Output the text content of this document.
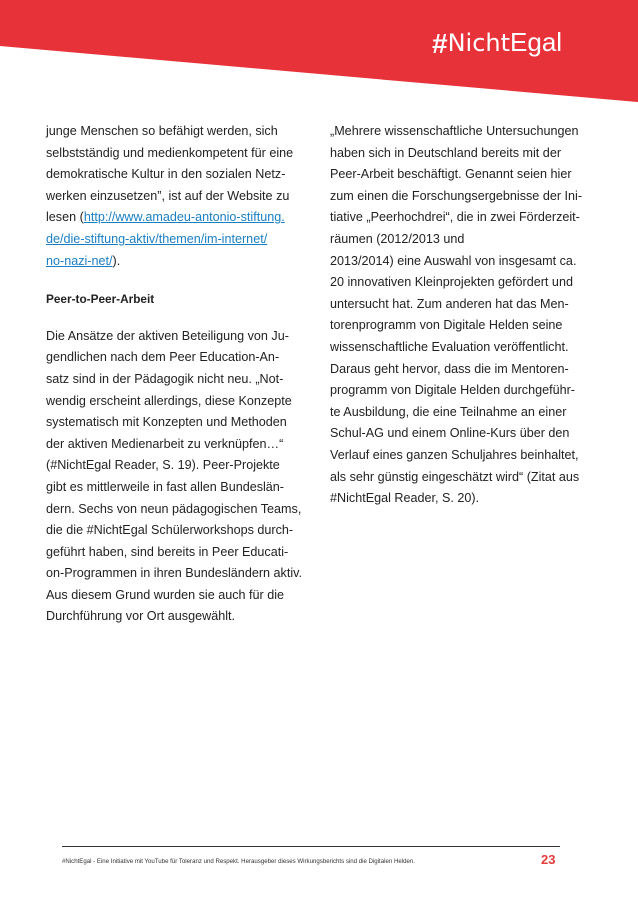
#NichtEgal
junge Menschen so befähigt werden, sich
selbstständig und medienkompetent für eine
demokratische Kultur in den sozialen Netz-
werken einzusetzen”, ist auf der Website zu
lesen (http://www.amadeu-antonio-stiftung.
de/die-stiftung-aktiv/themen/im-internet/
no-nazi-net/).
Peer-to-Peer-Arbeit
Die Ansätze der aktiven Beteiligung von Ju-
gendlichen nach dem Peer Education-An-
satz sind in der Pädagogik nicht neu. „Not-
wendig erscheint allerdings, diese Konzepte
systematisch mit Konzepten und Methoden
der aktiven Medienarbeit zu verknüpfen…“
(#NichtEgal Reader, S. 19). Peer-Projekte
gibt es mittlerweile in fast allen Bundeslän-
dern. Sechs von neun pädagogischen Teams,
die die #NichtEgal Schülerworkshops durch-
geführt haben, sind bereits in Peer Educati-
on-Programmen in ihren Bundesländern aktiv.
Aus diesem Grund wurden sie auch für die
Durchführung vor Ort ausgewählt.
„Mehrere wissenschaftliche Untersuchungen
haben sich in Deutschland bereits mit der
Peer-Arbeit beschäftigt. Genannt seien hier
zum einen die Forschungsergebnisse der Ini-
tiative „Peerhochdrei“, die in zwei Förderzeit-
räumen (2012/2013 und
2013/2014) eine Auswahl von insgesamt ca.
20 innovativen Kleinprojekten gefördert und
untersucht hat. Zum anderen hat das Men-
torenprogramm von Digitale Helden seine
wissenschaftliche Evaluation veröffentlicht.
Daraus geht hervor, dass die im Mentoren-
programm von Digitale Helden durchgeführ-
te Ausbildung, die eine Teilnahme an einer
Schul-AG und einem Online-Kurs über den
Verlauf eines ganzen Schuljahres beinhaltet,
als sehr günstig eingeschätzt wird“ (Zitat aus
#NichtEgal Reader, S. 20).
#NichtEgal - Eine Initiative mit YouTube für Toleranz und Respekt. Herausgeber dieses Wirkungsberichts sind die Digitalen Helden.	23
